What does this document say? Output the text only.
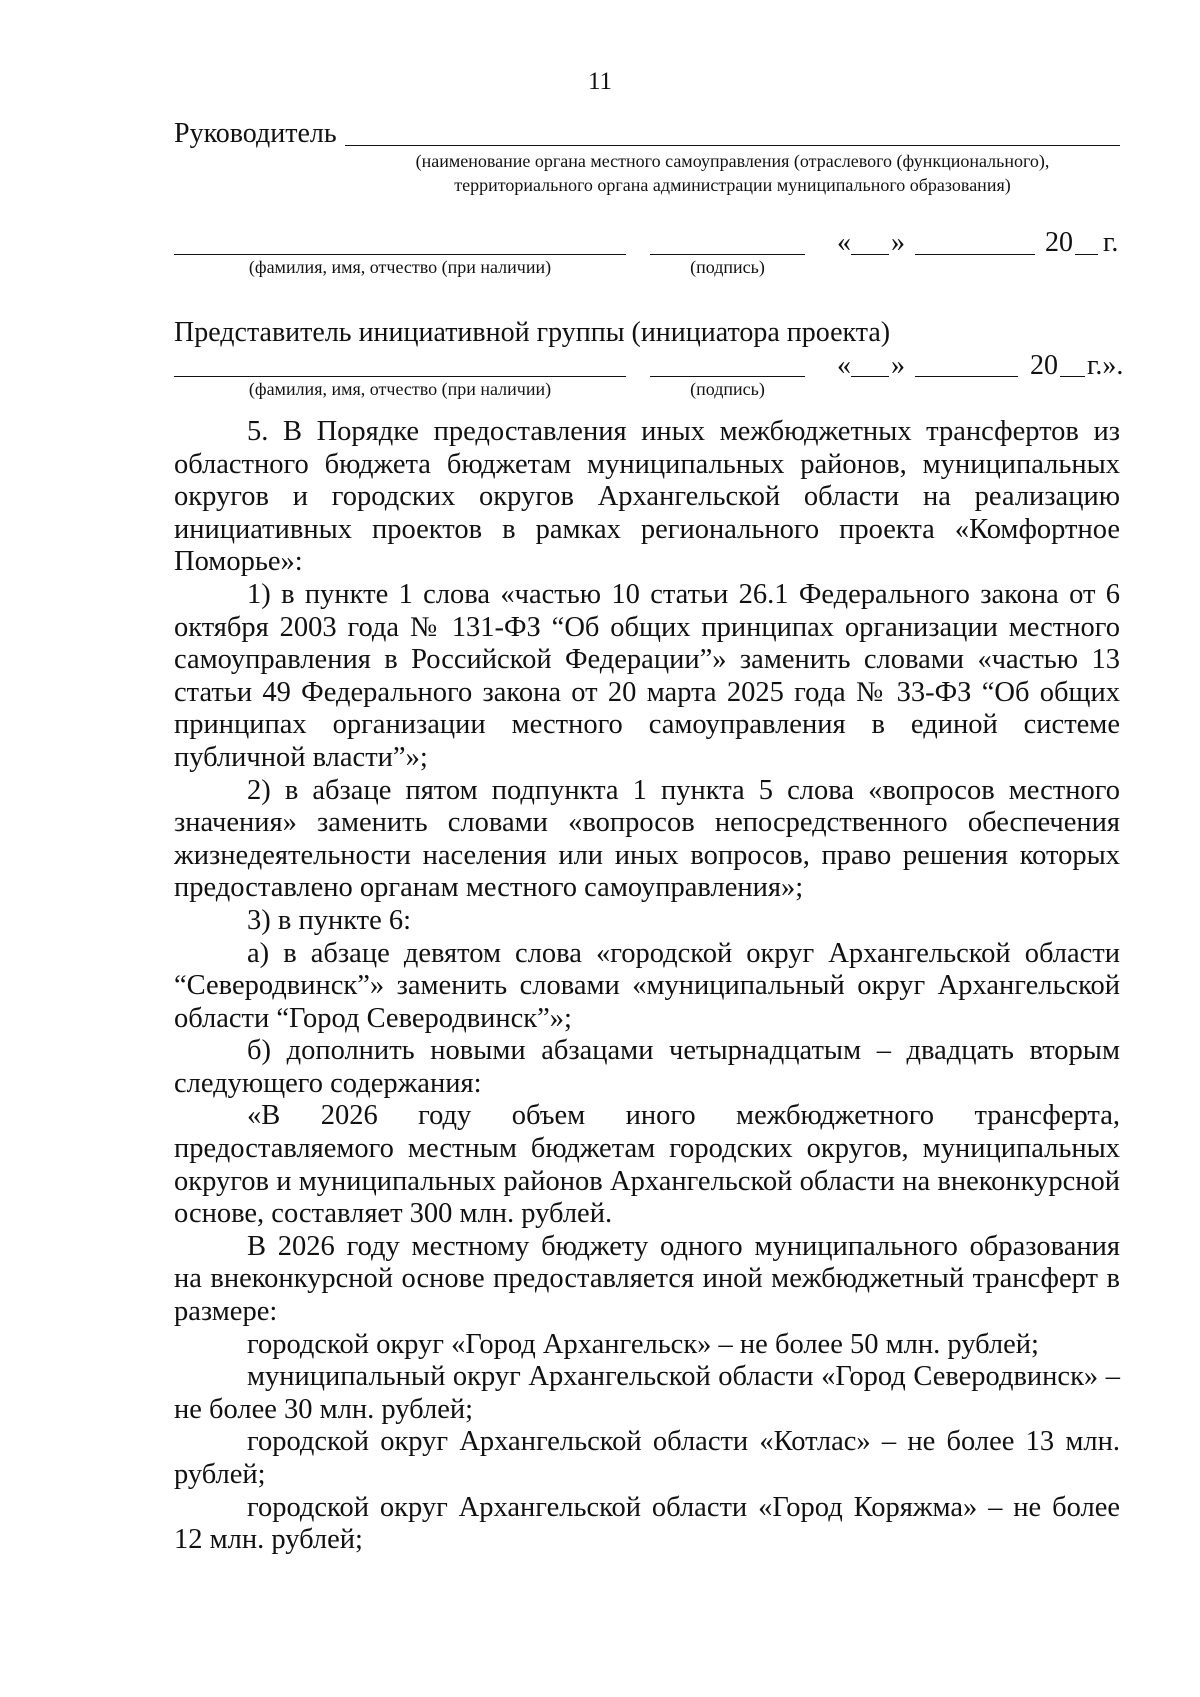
11
Руководитель
(наименование органа местного самоуправления (отраслевого (функционального),
территориального органа администрации муниципального образования)
(фамилия, имя, отчество (при наличии)	(подпись)
« »	20 г.
Представитель инициативной группы (инициатора проекта)
(фамилия, имя, отчество (при наличии)	(подпись)
« »	20 г.».

5. В Порядке предоставления иных межбюджетных трансфертов из областного бюджета бюджетам муниципальных районов, муниципальных округов и городских округов Архангельской области на реализацию инициативных проектов в рамках регионального проекта «Комфортное Поморье»:

1) в пункте 1 слова «частью 10 статьи 26.1 Федерального закона от 6 октября 2003 года № 131-ФЗ “Об общих принципах организации местного самоуправления в Российской Федерации”» заменить словами «частью 13 статьи 49 Федерального закона от 20 марта 2025 года № 33-ФЗ “Об общих принципах организации местного самоуправления в единой системе публичной власти”»;

2) в абзаце пятом подпункта 1 пункта 5 слова «вопросов местного значения» заменить словами «вопросов непосредственного обеспечения жизнедеятельности населения или иных вопросов, право решения которых предоставлено органам местного самоуправления»;

3) в пункте 6:

а) в абзаце девятом слова «городской округ Архангельской области “Северодвинск”» заменить словами «муниципальный округ Архангельской области “Город Северодвинск”»;

б) дополнить новыми абзацами четырнадцатым – двадцать вторым следующего содержания:

«В 2026 году объем иного межбюджетного трансферта, предоставляемого местным бюджетам городских округов, муниципальных округов и муниципальных районов Архангельской области на внеконкурсной основе, составляет 300 млн. рублей.

В 2026 году местному бюджету одного муниципального образования на внеконкурсной основе предоставляется иной межбюджетный трансферт в размере:

городской округ «Город Архангельск» – не более 50 млн. рублей;

муниципальный округ Архангельской области «Город Северодвинск» – не более 30 млн. рублей;

городской округ Архангельской области «Котлас» – не более 13 млн. рублей;

городской округ Архангельской области «Город Коряжма» – не более 12 млн. рублей;
